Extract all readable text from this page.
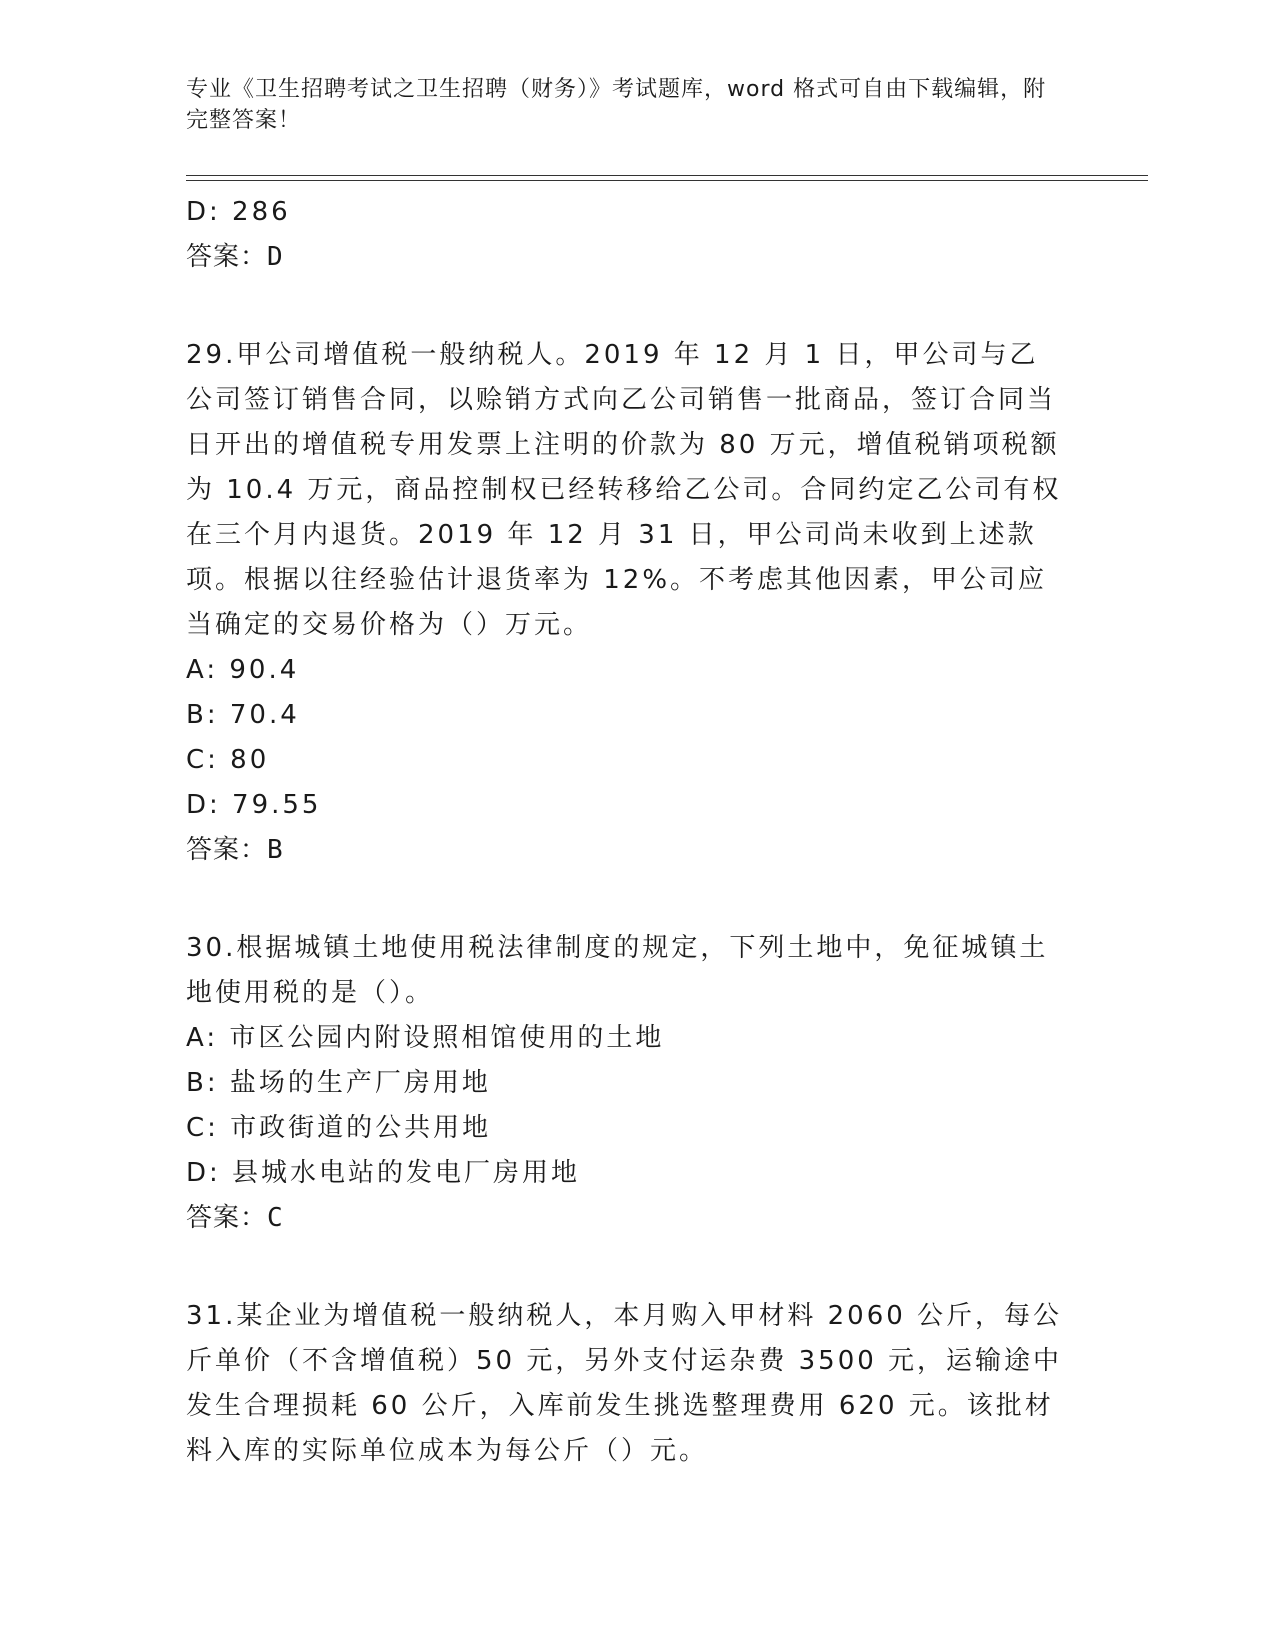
专业《卫生招聘考试之卫生招聘（财务）》考试题库，word 格式可自由下载编辑，附完整答案！
D: 286
答案：D
29.甲公司增值税一般纳税人。2019 年 12 月 1 日，甲公司与乙公司签订销售合同，以赊销方式向乙公司销售一批商品，签订合同当日开出的增值税专用发票上注明的价款为 80 万元，增值税销项税额为 10.4 万元，商品控制权已经转移给乙公司。合同约定乙公司有权在三个月内退货。2019 年 12 月 31 日，甲公司尚未收到上述款项。根据以往经验估计退货率为 12%。不考虑其他因素，甲公司应当确定的交易价格为（）万元。
A: 90.4
B: 70.4
C: 80
D: 79.55
答案：B
30.根据城镇土地使用税法律制度的规定，下列土地中，免征城镇土地使用税的是（）。
A: 市区公园内附设照相馆使用的土地
B: 盐场的生产厂房用地
C: 市政街道的公共用地
D: 县城水电站的发电厂房用地
答案：C
31.某企业为增值税一般纳税人，本月购入甲材料 2060 公斤，每公斤单价（不含增值税）50 元，另外支付运杂费 3500 元，运输途中发生合理损耗 60 公斤，入库前发生挑选整理费用 620 元。该批材料入库的实际单位成本为每公斤（）元。
